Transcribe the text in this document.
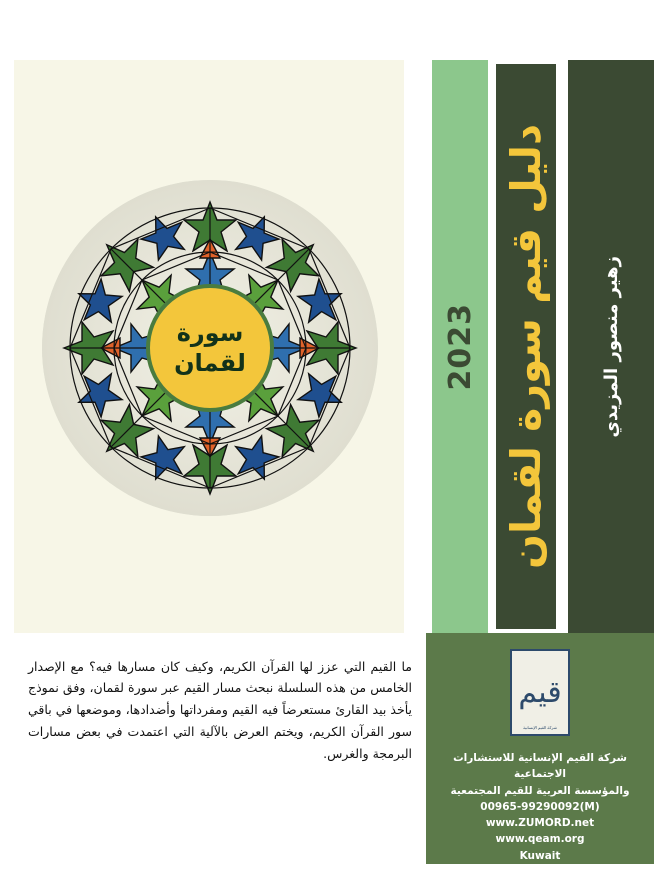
سورة
لقمان	2023 دليل قيم سورة لقمان	زهير منصور المزيدي
قيم
شركة القيم الإنسانية
شركة القيم الإنسانية للاستشارات الاجتماعية
والمؤسسة العربية للقيم المجتمعية
00965-99290092(M)
www.ZUMORD.net
www.qeam.org
Kuwait

ما القيم التي عزز لها القرآن الكريم، وكيف كان مسارها فيه؟ مع الإصدار الخامس من هذه السلسلة نبحث مسار القيم عبر سورة لقمان، وفق نموذج يأخذ بيد القارئ مستعرضاً فيه القيم ومفرداتها وأضدادها، وموضعها في باقي سور القرآن الكريم، ويختم العرض بالآلية التي اعتمدت في بعض مسارات البرمجة والغرس.
